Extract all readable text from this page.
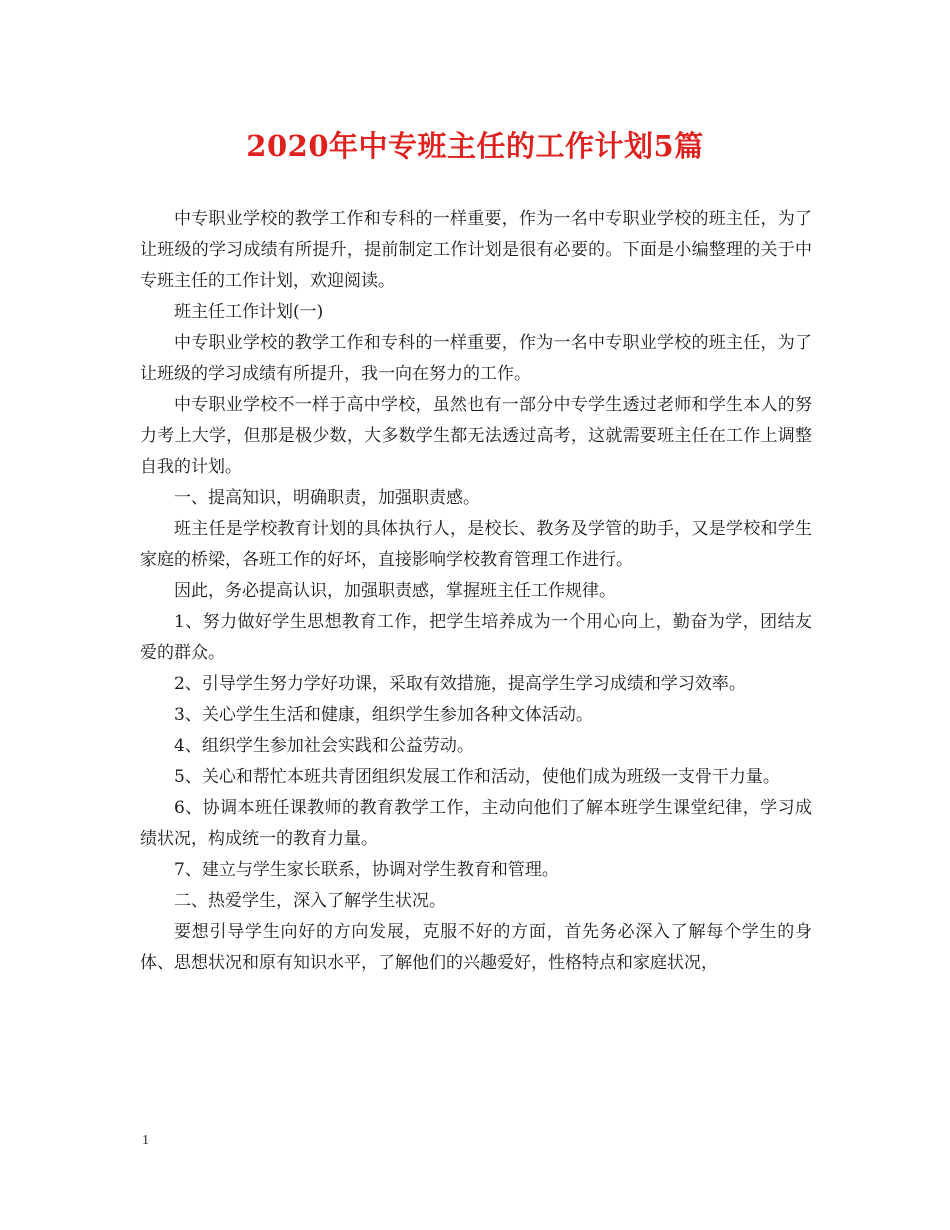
2020年中专班主任的工作计划5篇

中专职业学校的教学工作和专科的一样重要，作为一名中专职业学校的班主任，为了让班级的学习成绩有所提升，提前制定工作计划是很有必要的。下面是小编整理的关于中专班主任的工作计划，欢迎阅读。

班主任工作计划(一)

中专职业学校的教学工作和专科的一样重要，作为一名中专职业学校的班主任，为了让班级的学习成绩有所提升，我一向在努力的工作。

中专职业学校不一样于高中学校，虽然也有一部分中专学生透过老师和学生本人的努力考上大学，但那是极少数，大多数学生都无法透过高考，这就需要班主任在工作上调整自我的计划。

一、提高知识，明确职责，加强职责感。

班主任是学校教育计划的具体执行人，是校长、教务及学管的助手，又是学校和学生家庭的桥梁，各班工作的好坏，直接影响学校教育管理工作进行。

因此，务必提高认识，加强职责感，掌握班主任工作规律。

1、努力做好学生思想教育工作，把学生培养成为一个用心向上，勤奋为学，团结友爱的群众。

2、引导学生努力学好功课，采取有效措施，提高学生学习成绩和学习效率。

3、关心学生生活和健康，组织学生参加各种文体活动。

4、组织学生参加社会实践和公益劳动。

5、关心和帮忙本班共青团组织发展工作和活动，使他们成为班级一支骨干力量。

6、协调本班任课教师的教育教学工作，主动向他们了解本班学生课堂纪律，学习成绩状况，构成统一的教育力量。

7、建立与学生家长联系，协调对学生教育和管理。

二、热爱学生，深入了解学生状况。

要想引导学生向好的方向发展，克服不好的方面，首先务必深入了解每个学生的身体、思想状况和原有知识水平，了解他们的兴趣爱好，性格特点和家庭状况，

1
